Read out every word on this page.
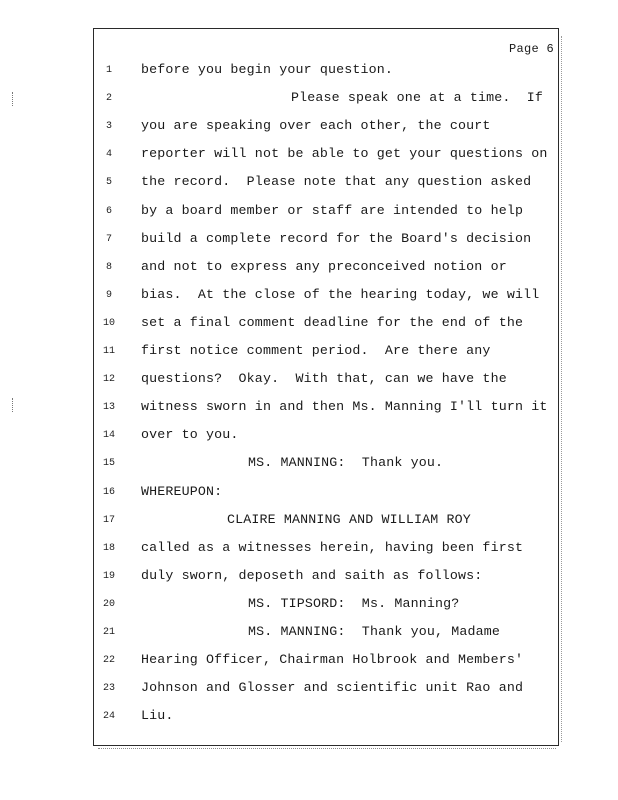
Page 6
1	before you begin your question.
2	Please speak one at a time.  If
3	you are speaking over each other, the court
4	reporter will not be able to get your questions on
5	the record.  Please note that any question asked
6	by a board member or staff are intended to help
7	build a complete record for the Board's decision
8	and not to express any preconceived notion or
9	bias.  At the close of the hearing today, we will
10	set a final comment deadline for the end of the
11	first notice comment period.  Are there any
12	questions?  Okay.  With that, can we have the
13	witness sworn in and then Ms. Manning I'll turn it
14	over to you.
15	MS. MANNING:  Thank you.
16	WHEREUPON:
17	CLAIRE MANNING AND WILLIAM ROY
18	called as a witnesses herein, having been first
19	duly sworn, deposeth and saith as follows:
20	MS. TIPSORD:  Ms. Manning?
21	MS. MANNING:  Thank you, Madame
22	Hearing Officer, Chairman Holbrook and Members'
23	Johnson and Glosser and scientific unit Rao and
24	Liu.
